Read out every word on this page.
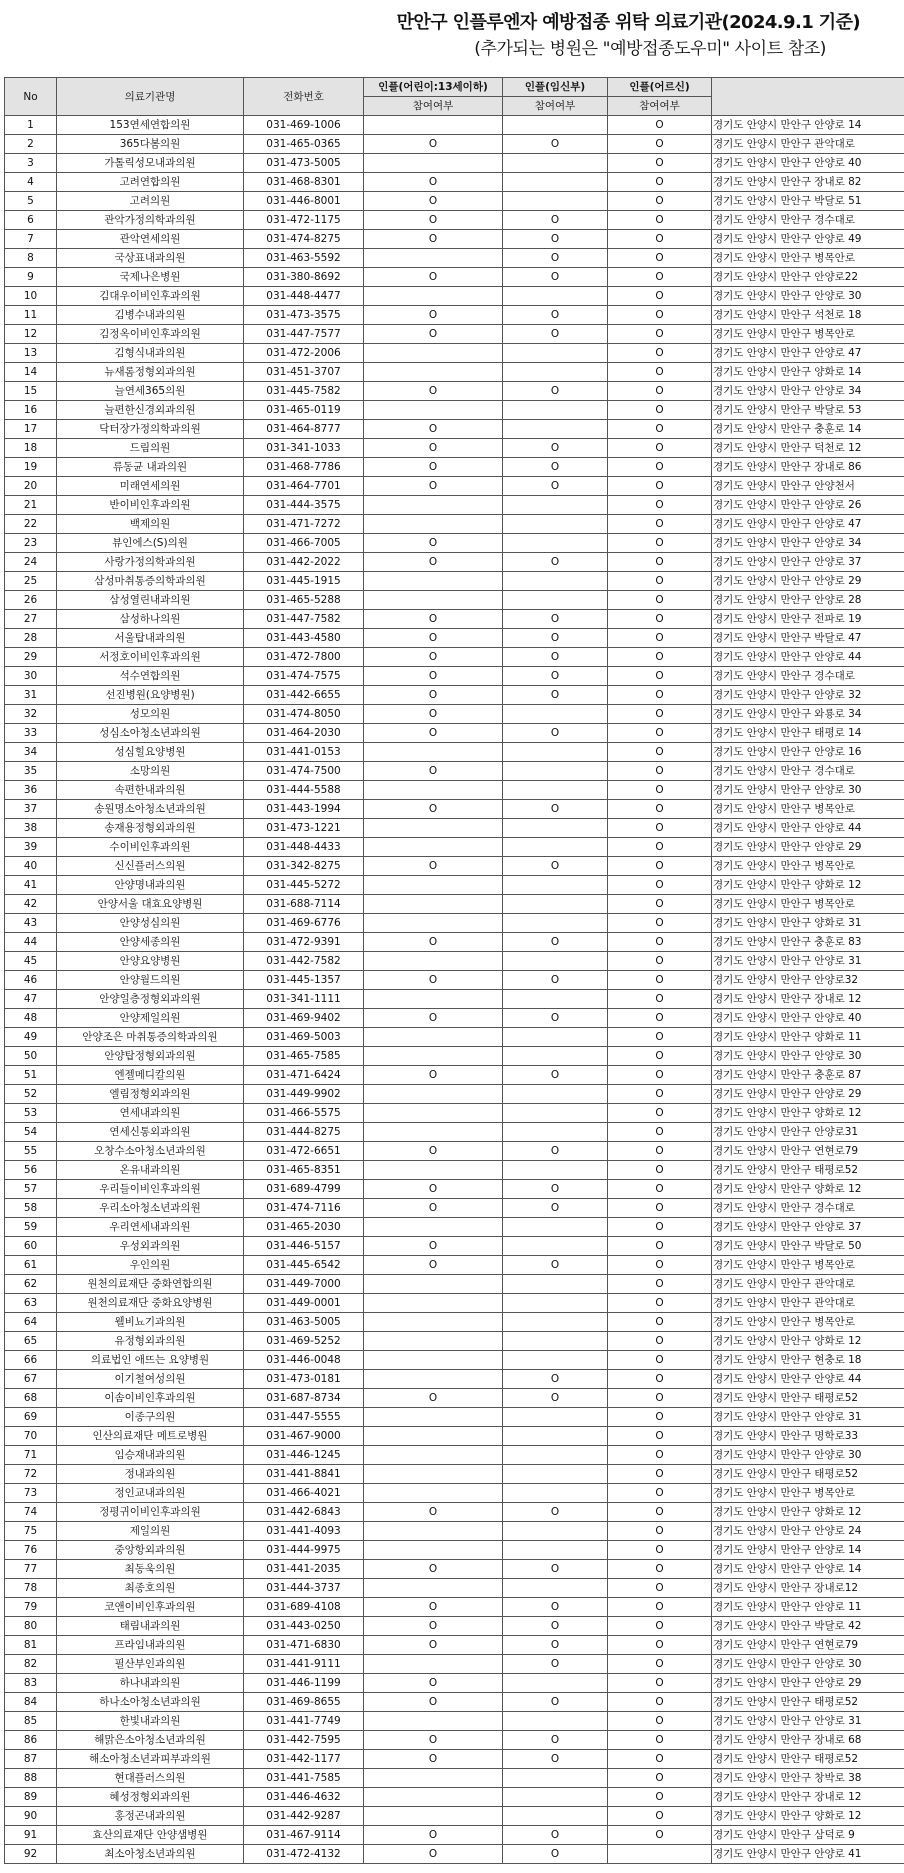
만안구 인플루엔자 예방접종 위탁 의료기관(2024.9.1 기준)
(추가되는 병원은 "예방접종도우미" 사이트 참조)
No	의료기관명	전화번호	인플(어린이:13세이하)	인플(임신부)	인플(어르신)	
			참여여부	참여여부	참여여부	
1	153연세연합의원	031-469-1006			O	경기도 안양시 만안구 안양로 14
2	365다봄의원	031-465-0365	O	O	O	경기도 안양시 만안구 관악대로
3	가톨릭성모내과의원	031-473-5005			O	경기도 안양시 만안구 안양로 40
4	고려연합의원	031-468-8301	O		O	경기도 안양시 만안구 장내로 82
5	고려의원	031-446-8001	O		O	경기도 안양시 만안구 박달로 51
6	관악가정의학과의원	031-472-1175	O	O	O	경기도 안양시 만안구 경수대로
7	관악연세의원	031-474-8275	O	O	O	경기도 안양시 만안구 안양로 49
8	국상표내과의원	031-463-5592		O	O	경기도 안양시 만안구 병목안로
9	국제나은병원	031-380-8692	O	O	O	경기도 안양시 만안구 안양로22
10	김대우이비인후과의원	031-448-4477			O	경기도 안양시 만안구 안양로 30
11	김병수내과의원	031-473-3575	O	O	O	경기도 안양시 만안구 석천로 18
12	김정옥이비인후과의원	031-447-7577	O	O	O	경기도 안양시 만안구 병목안로
13	김형식내과의원	031-472-2006			O	경기도 안양시 만안구 안양로 47
14	뉴새롬정형외과의원	031-451-3707			O	경기도 안양시 만안구 양화로 14
15	늘연세365의원	031-445-7582	O	O	O	경기도 안양시 만안구 안양로 34
16	늘편한신경외과의원	031-465-0119			O	경기도 안양시 만안구 박달로 53
17	닥터장가정의학과의원	031-464-8777	O		O	경기도 안양시 만안구 충훈로 14
18	드림의원	031-341-1033	O	O	O	경기도 안양시 만안구 덕천로 12
19	류동균 내과의원	031-468-7786	O	O	O	경기도 안양시 만안구 장내로 86
20	미래연세의원	031-464-7701	O	O	O	경기도 안양시 만안구 안양천서
21	반이비인후과의원	031-444-3575			O	경기도 안양시 만안구 안양로 26
22	백제의원	031-471-7272			O	경기도 안양시 만안구 안양로 47
23	뷰인에스(S)의원	031-466-7005	O		O	경기도 안양시 만안구 안양로 34
24	사랑가정의학과의원	031-442-2022	O	O	O	경기도 안양시 만안구 안양로 37
25	삼성마취통증의학과의원	031-445-1915			O	경기도 안양시 만안구 안양로 29
26	삼성열린내과의원	031-465-5288			O	경기도 안양시 만안구 안양로 28
27	삼성하나의원	031-447-7582	O	O	O	경기도 안양시 만안구 전파로 19
28	서울탑내과의원	031-443-4580	O	O	O	경기도 안양시 만안구 박달로 47
29	서정호이비인후과의원	031-472-7800	O	O	O	경기도 안양시 만안구 안양로 44
30	석수연합의원	031-474-7575	O	O	O	경기도 안양시 만안구 경수대로
31	선진병원(요양병원)	031-442-6655	O	O	O	경기도 안양시 만안구 안양로 32
32	성모의원	031-474-8050	O		O	경기도 안양시 만안구 와룡로 34
33	성심소아청소년과의원	031-464-2030	O	O	O	경기도 안양시 만안구 태평로 14
34	성심힐요양병원	031-441-0153			O	경기도 안양시 만안구 안양로 16
35	소망의원	031-474-7500	O		O	경기도 안양시 만안구 경수대로
36	속편한내과의원	031-444-5588			O	경기도 안양시 만안구 안양로 30
37	송원명소아청소년과의원	031-443-1994	O	O	O	경기도 안양시 만안구 병목안로
38	송재용정형외과의원	031-473-1221			O	경기도 안양시 만안구 안양로 44
39	수이비인후과의원	031-448-4433			O	경기도 안양시 만안구 안양로 29
40	신신플러스의원	031-342-8275	O	O	O	경기도 안양시 만안구 병목안로
41	안양명내과의원	031-445-5272			O	경기도 안양시 만안구 양화로 12
42	안양서울 대효요양병원	031-688-7114			O	경기도 안양시 만안구 병목안로
43	안양성심의원	031-469-6776			O	경기도 안양시 만안구 양화로 31
44	안양세종의원	031-472-9391	O	O	O	경기도 안양시 만안구 충훈로 83
45	안양요양병원	031-442-7582			O	경기도 안양시 만안구 안양로 31
46	안양월드의원	031-445-1357	O	O	O	경기도 안양시 만안구 안양로32
47	안양일층정형외과의원	031-341-1111			O	경기도 안양시 만안구 장내로 12
48	안양제일의원	031-469-9402	O	O	O	경기도 안양시 만안구 안양로 40
49	안양조은 마취통증의학과의원	031-469-5003			O	경기도 안양시 만안구 양화로 11
50	안양탑정형외과의원	031-465-7585			O	경기도 안양시 만안구 안양로 30
51	엔젤메디칼의원	031-471-6424	O	O	O	경기도 안양시 만안구 충훈로 87
52	엘림정형외과의원	031-449-9902			O	경기도 안양시 만안구 안양로 29
53	연세내과의원	031-466-5575			O	경기도 안양시 만안구 양화로 12
54	연세신통외과의원	031-444-8275			O	경기도 안양시 만안구 안양로31
55	오창수소아청소년과의원	031-472-6651	O	O	O	경기도 안양시 만안구 연현로79
56	온유내과의원	031-465-8351			O	경기도 안양시 만안구 태평로52
57	우리들이비인후과의원	031-689-4799	O	O	O	경기도 안양시 만안구 양화로 12
58	우리소아청소년과의원	031-474-7116	O	O	O	경기도 안양시 만안구 경수대로
59	우리연세내과의원	031-465-2030			O	경기도 안양시 만안구 안양로 37
60	우성외과의원	031-446-5157	O		O	경기도 안양시 만안구 박달로 50
61	우인의원	031-445-6542	O	O	O	경기도 안양시 만안구 병목안로
62	원천의료재단 중화연합의원	031-449-7000			O	경기도 안양시 만안구 관악대로
63	원천의료재단 중화요양병원	031-449-0001			O	경기도 안양시 만안구 관악대로
64	웰비뇨기과의원	031-463-5005			O	경기도 안양시 만안구 병목안로
65	유정형외과의원	031-469-5252			O	경기도 안양시 만안구 양화로 12
66	의료법인 애뜨는 요양병원	031-446-0048			O	경기도 안양시 만안구 현충로 18
67	이기철여성의원	031-473-0181		O	O	경기도 안양시 만안구 안양로 44
68	이솜이비인후과의원	031-687-8734	O	O	O	경기도 안양시 만안구 태평로52
69	이종구의원	031-447-5555			O	경기도 안양시 만안구 안양로 31
70	인산의료재단 메트로병원	031-467-9000			O	경기도 안양시 만안구 명학로33
71	임승재내과의원	031-446-1245			O	경기도 안양시 만안구 안양로 30
72	정내과의원	031-441-8841			O	경기도 안양시 만안구 태평로52
73	정인교내과의원	031-466-4021			O	경기도 안양시 만안구 병목안로
74	정평귀이비인후과의원	031-442-6843	O	O	O	경기도 안양시 만안구 양화로 12
75	제일의원	031-441-4093			O	경기도 안양시 만안구 안양로 24
76	중앙항외과의원	031-444-9975			O	경기도 안양시 만안구 안양로 14
77	최동욱의원	031-441-2035	O	O	O	경기도 안양시 만안구 안양로 14
78	최종호의원	031-444-3737			O	경기도 안양시 만안구 장내로12
79	코앤이비인후과의원	031-689-4108	O	O	O	경기도 안양시 만안구 안양로 11
80	태림내과의원	031-443-0250	O	O	O	경기도 안양시 만안구 박달로 42
81	프라임내과의원	031-471-6830	O	O	O	경기도 안양시 만안구 연현로79
82	필산부인과의원	031-441-9111		O	O	경기도 안양시 만안구 안양로 30
83	하나내과의원	031-446-1199	O		O	경기도 안양시 만안구 안양로 29
84	하나소아청소년과의원	031-469-8655	O	O	O	경기도 안양시 만안구 태평로52
85	한빛내과의원	031-441-7749			O	경기도 안양시 만안구 안양로 31
86	해맑은소아청소년과의원	031-442-7595	O	O	O	경기도 안양시 만안구 장내로 68
87	해소아청소년과피부과의원	031-442-1177	O	O	O	경기도 안양시 만안구 태평로52
88	현대플러스의원	031-441-7585			O	경기도 안양시 만안구 창박로 38
89	혜성정형외과의원	031-446-4632			O	경기도 안양시 만안구 장내로 12
90	홍정곤내과의원	031-442-9287			O	경기도 안양시 만안구 양화로 12
91	효산의료재단 안양샘병원	031-467-9114	O	O	O	경기도 안양시 만안구 삼덕로 9
92	최소아청소년과의원	031-472-4132	O	O		경기도 안양시 만안구 안양로 41
